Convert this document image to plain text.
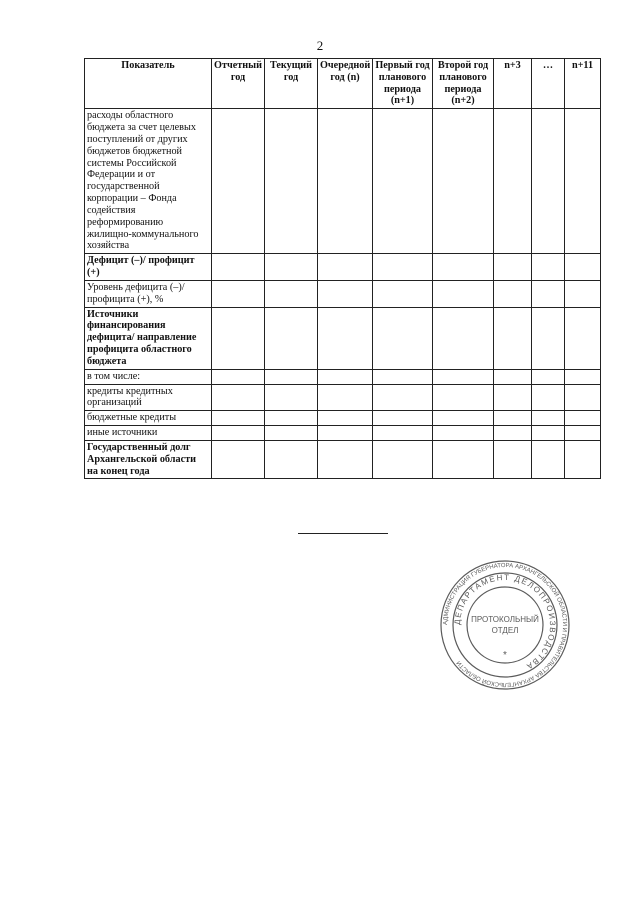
2
Показатель	Отчетный год	Текущий год	Очередной год (n)	Первый год планового периода (n+1)	Второй год планового периода (n+2)	n+3	…	n+11
расходы областного бюджета за счет целевых поступлений от других бюджетов бюджетной системы Российской Федерации и от государственной корпорации – Фонда содействия реформированию жилищно-коммунального хозяйства								
Дефицит (–)/ профицит (+)								
Уровень дефицита (–)/ профицита (+), %								
Источники финансирования дефицита/ направление профицита областного бюджета								
в том числе:								
кредиты кредитных организаций								
бюджетные кредиты								
иные источники								
Государственный долг Архангельской области на конец года								
АДМИНИСТРАЦИЯ ГУБЕРНАТОРА АРХАНГЕЛЬСКОЙ ОБЛАСТИ И ПРАВИТЕЛЬСТВА АРХАНГЕЛЬСКОЙ ОБЛАСТИ
ДЕПАРТАМЕНТ ДЕЛОПРОИЗВОДСТВА
ПРОТОКОЛЬНЫЙ
ОТДЕЛ
*
